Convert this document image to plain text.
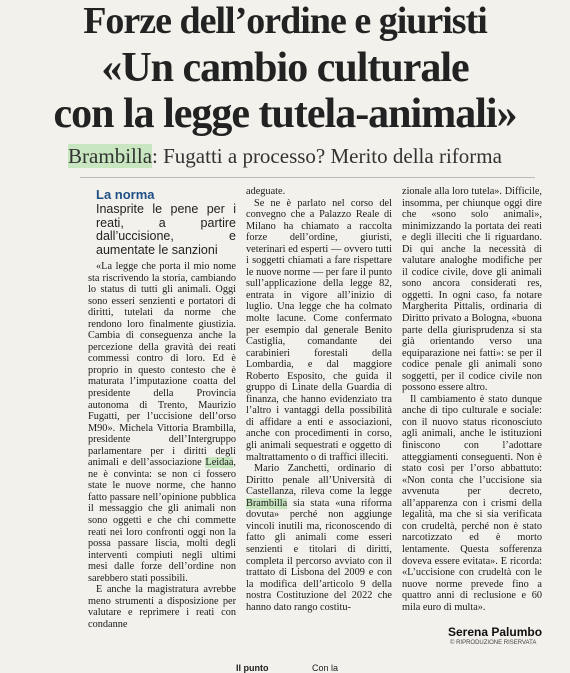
Forze dell’ordine e giuristi
«Un cambio culturale
con la legge tutela-animali»
Brambilla: Fugatti a processo? Merito della riforma
La norma
Inasprite le pene per i reati, a partire dall’uccisione, e aumentate le sanzioni

«La legge che porta il mio nome sta riscrivendo la storia, cambiando lo status di tutti gli animali. Oggi sono esseri senzienti e portatori di diritti, tutelati da norme che rendono loro finalmente giustizia. Cambia di conseguenza anche la percezione della gravità dei reati commessi contro di loro. Ed è proprio in questo contesto che è maturata l’imputazione coatta del presidente della Provincia autonoma di Trento, Maurizio Fugatti, per l’uccisione dell’orso M90». Michela Vittoria Brambilla, presidente dell’Intergruppo parlamentare per i diritti degli animali e dell’associazione Leidaa, ne è convinta: se non ci fossero state le nuove norme, che hanno fatto passare nell’opinione pubblica il messaggio che gli animali non sono oggetti e che chi commette reati nei loro confronti oggi non la possa passare liscia, molti degli interventi compiuti negli ultimi mesi dalle forze dell’ordine non sarebbero stati possibili.

E anche la magistratura avrebbe meno strumenti a disposizione per valutare e reprimere i reati con condanne

adeguate.

Se ne è parlato nel corso del convegno che a Palazzo Reale di Milano ha chiamato a raccolta forze dell’ordine, giuristi, veterinari ed esperti — ovvero tutti i soggetti chiamati a fare rispettare le nuove norme — per fare il punto sull’applicazione della legge 82, entrata in vigore all’inizio di luglio. Una legge che ha colmato molte lacune. Come confermato per esempio dal generale Benito Castiglia, comandante dei carabinieri forestali della Lombardia, e dal maggiore Roberto Esposito, che guida il gruppo di Linate della Guardia di finanza, che hanno evidenziato tra l’altro i vantaggi della possibilità di affidare a enti e associazioni, anche con procedimenti in corso, gli animali sequestrati e oggetto di maltrattamento o di traffici illeciti.

Mario Zanchetti, ordinario di Diritto penale all’Università di Castellanza, rileva come la legge Brambilla sia stata «una riforma dovuta» perché non aggiunge vincoli inutili ma, riconoscendo di fatto gli animali come esseri senzienti e titolari di diritti, completa il percorso avviato con il trattato di Lisbona del 2009 e con la modifica dell’articolo 9 della nostra Costituzione del 2022 che hanno dato rango costitu-

zionale alla loro tutela». Difficile, insomma, per chiunque oggi dire che «sono solo animali», minimizzando la portata dei reati e degli illeciti che li riguardano. Di qui anche la necessità di valutare analoghe modifiche per il codice civile, dove gli animali sono ancora considerati res, oggetti. In ogni caso, fa notare Margherita Pittalis, ordinaria di Diritto privato a Bologna, «buona parte della giurisprudenza si sta già orientando verso una equiparazione nei fatti»: se per il codice penale gli animali sono soggetti, per il codice civile non possono essere altro.

Il cambiamento è stato dunque anche di tipo culturale e sociale: con il nuovo status riconosciuto agli animali, anche le istituzioni finiscono con l’adottare atteggiamenti conseguenti. Non è stato così per l’orso abbattuto: «Non conta che l’uccisione sia avvenuta per decreto, all’apparenza con i crismi della legalità, ma che si sia verificata con crudeltà, perché non è stato narcotizzato ed è morto lentamente. Questa sofferenza doveva essere evitata». E ricorda: «L’uccisione con crudeltà con le nuove norme prevede fino a quattro anni di reclusione e 60 mila euro di multa».

Serena Palumbo
© RIPRODUZIONE RISERVATA
Il punto	Con la
